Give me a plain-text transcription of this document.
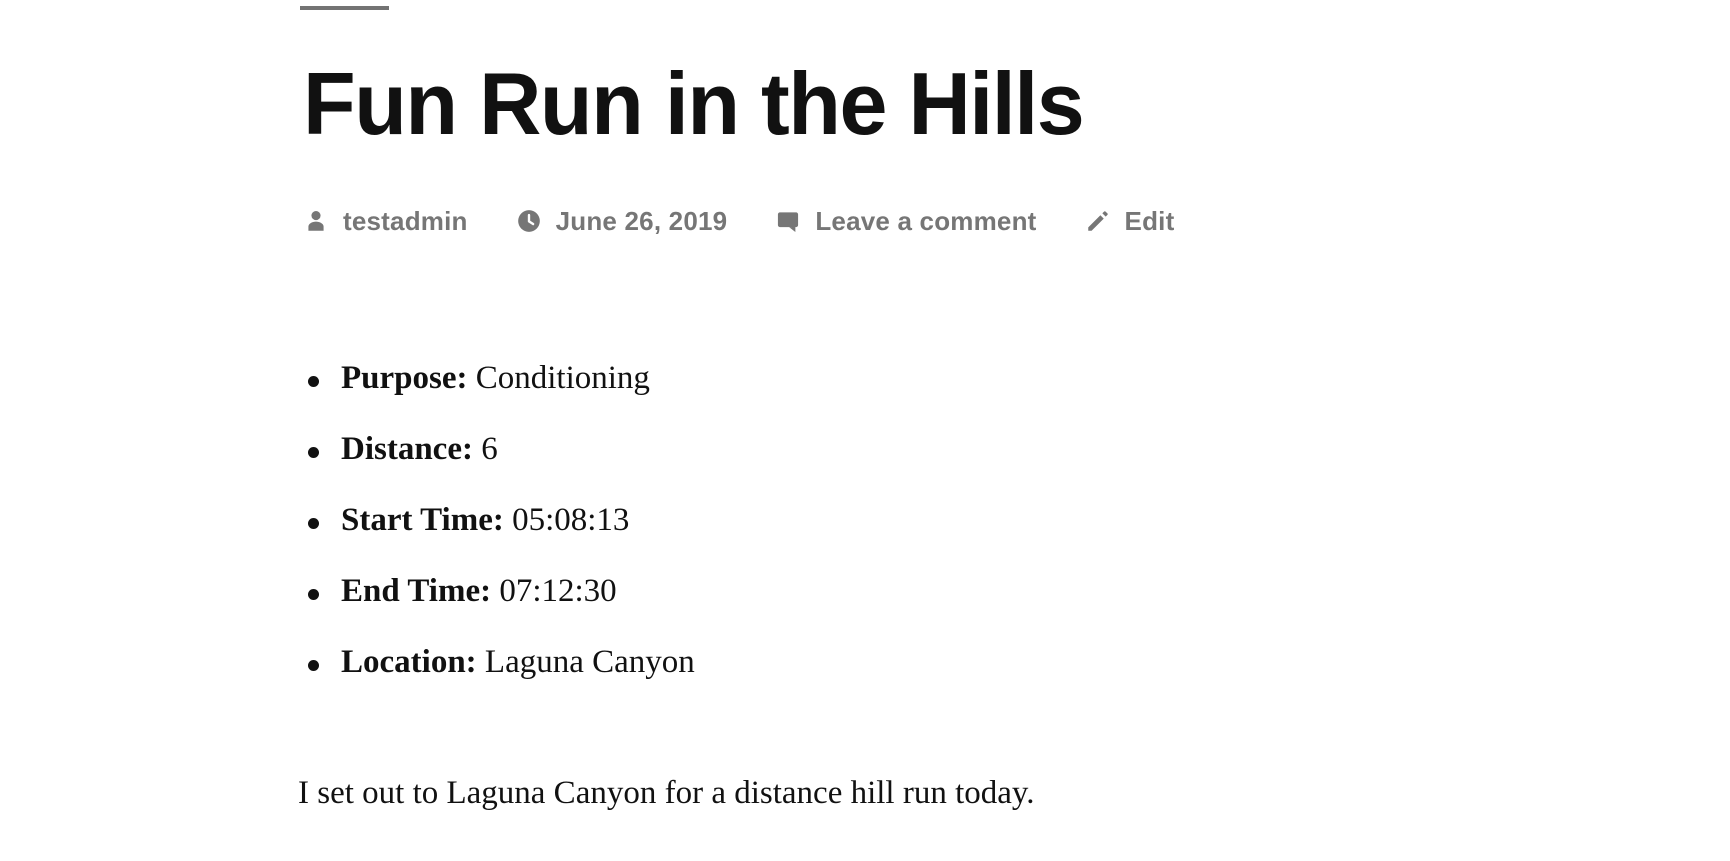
Fun Run in the Hills
testadmin	June 26, 2019	Leave a comment	Edit
Purpose: Conditioning
Distance: 6
Start Time: 05:08:13
End Time: 07:12:30
Location: Laguna Canyon

I set out to Laguna Canyon for a distance hill run today.
